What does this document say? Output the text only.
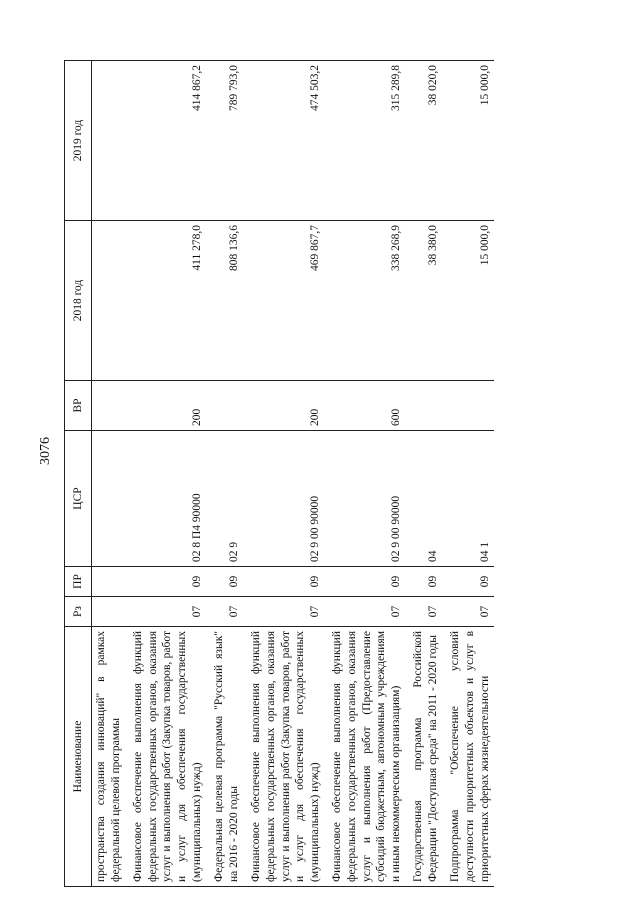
3076
Наименование	Рз	ПР	ЦСР	ВР	2018 год	2019 год
пространства создания инноваций" в рамках федеральной целевой программы						
Финансовое обеспечение выполнения функций федеральных государственных органов, оказания услуг и выполнения работ (Закупка товаров, работ и услуг для обеспечения государственных (муниципальных) нужд)	07	09	02 8 П4 90000	200	411 278,0	414 867,2
Федеральная целевая программа "Русский язык" на 2016 - 2020 годы	07	09	02 9		808 136,6	789 793,0
Финансовое обеспечение выполнения функций федеральных государственных органов, оказания услуг и выполнения работ (Закупка товаров, работ и услуг для обеспечения государственных (муниципальных) нужд)	07	09	02 9 00 90000	200	469 867,7	474 503,2
Финансовое обеспечение выполнения функций федеральных государственных органов, оказания услуг и выполнения работ (Предоставление субсидий бюджетным, автономным учреждениям и иным некоммерческим организациям)	07	09	02 9 00 90000	600	338 268,9	315 289,8
Государственная программа Российской Федерации "Доступная среда" на 2011 - 2020 годы	07	09	04		38 380,0	38 020,0
Подпрограмма "Обеспечение условий доступности приоритетных объектов и услуг в приоритетных сферах жизнедеятельности	07	09	04 1		15 000,0	15 000,0
